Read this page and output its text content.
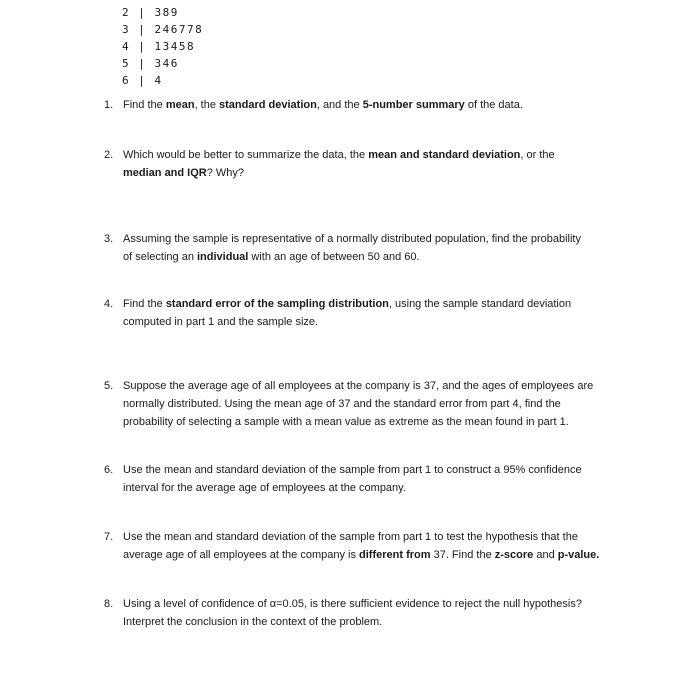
2 | 389
3 | 246778
4 | 13458
5 | 346
6 | 4
1. Find the mean, the standard deviation, and the 5-number summary of the data.
2. Which would be better to summarize the data, the mean and standard deviation, or the
median and IQR? Why?
3. Assuming the sample is representative of a normally distributed population, find the probability
of selecting an individual with an age of between 50 and 60.
4. Find the standard error of the sampling distribution, using the sample standard deviation
computed in part 1 and the sample size.
5. Suppose the average age of all employees at the company is 37, and the ages of employees are
normally distributed. Using the mean age of 37 and the standard error from part 4, find the
probability of selecting a sample with a mean value as extreme as the mean found in part 1.
6. Use the mean and standard deviation of the sample from part 1 to construct a 95% confidence
interval for the average age of employees at the company.
7. Use the mean and standard deviation of the sample from part 1 to test the hypothesis that the
average age of all employees at the company is different from 37. Find the z-score and p-value.
8. Using a level of confidence of α=0.05, is there sufficient evidence to reject the null hypothesis?
Interpret the conclusion in the context of the problem.
